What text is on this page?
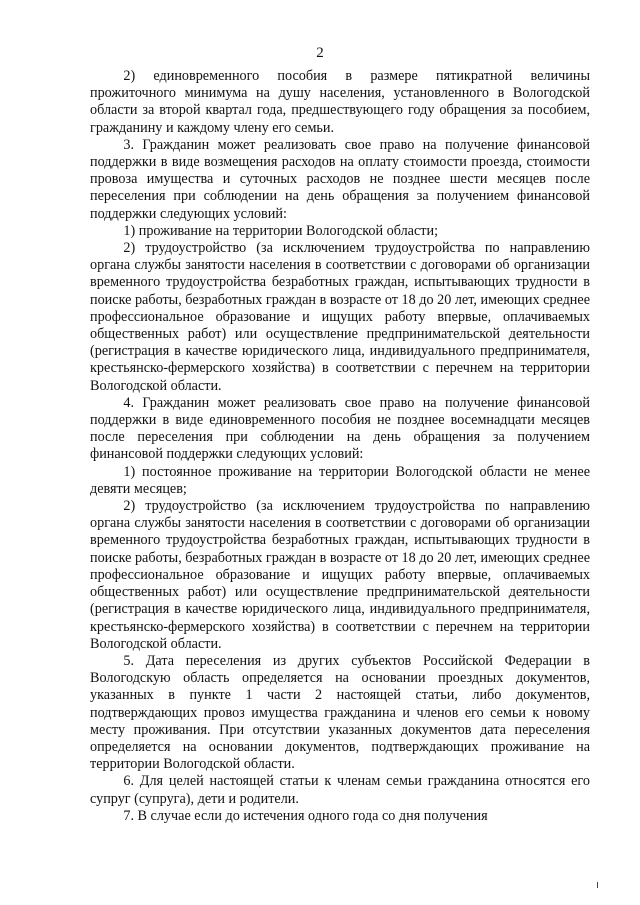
2

2) единовременного пособия в размере пятикратной величины прожиточного минимума на душу населения, установленного в Вологодской области за второй квартал года, предшествующего году обращения за пособием, гражданину и каждому члену его семьи.

3. Гражданин может реализовать свое право на получение финансовой поддержки в виде возмещения расходов на оплату стоимости проезда, стоимости провоза имущества и суточных расходов не позднее шести месяцев после переселения при соблюдении на день обращения за получением финансовой поддержки следующих условий:

1) проживание на территории Вологодской области;

2) трудоустройство (за исключением трудоустройства по направлению органа службы занятости населения в соответствии с договорами об организации временного трудоустройства безработных граждан, испытывающих трудности в поиске работы, безработных граждан в возрасте от 18 до 20 лет, имеющих среднее профессиональное образование и ищущих работу впервые, оплачиваемых общественных работ) или осуществление предпринимательской деятельности (регистрация в качестве юридического лица, индивидуального предпринимателя, крестьянско-фермерского хозяйства) в соответствии с перечнем на территории Вологодской области.

4. Гражданин может реализовать свое право на получение финансовой поддержки в виде единовременного пособия не позднее восемнадцати месяцев после переселения при соблюдении на день обращения за получением финансовой поддержки следующих условий:

1) постоянное проживание на территории Вологодской области не менее девяти месяцев;

2) трудоустройство (за исключением трудоустройства по направлению органа службы занятости населения в соответствии с договорами об организации временного трудоустройства безработных граждан, испытывающих трудности в поиске работы, безработных граждан в возрасте от 18 до 20 лет, имеющих среднее профессиональное образование и ищущих работу впервые, оплачиваемых общественных работ) или осуществление предпринимательской деятельности (регистрация в качестве юридического лица, индивидуального предпринимателя, крестьянско-фермерского хозяйства) в соответствии с перечнем на территории Вологодской области.

5. Дата переселения из других субъектов Российской Федерации в Вологодскую область определяется на основании проездных документов, указанных в пункте 1 части 2 настоящей статьи, либо документов, подтверждающих провоз имущества гражданина и членов его семьи к новому месту проживания. При отсутствии указанных документов дата переселения определяется на основании документов, подтверждающих проживание на территории Вологодской области.

6. Для целей настоящей статьи к членам семьи гражданина относятся его супруг (супруга), дети и родители.

7. В случае если до истечения одного года со дня получения
